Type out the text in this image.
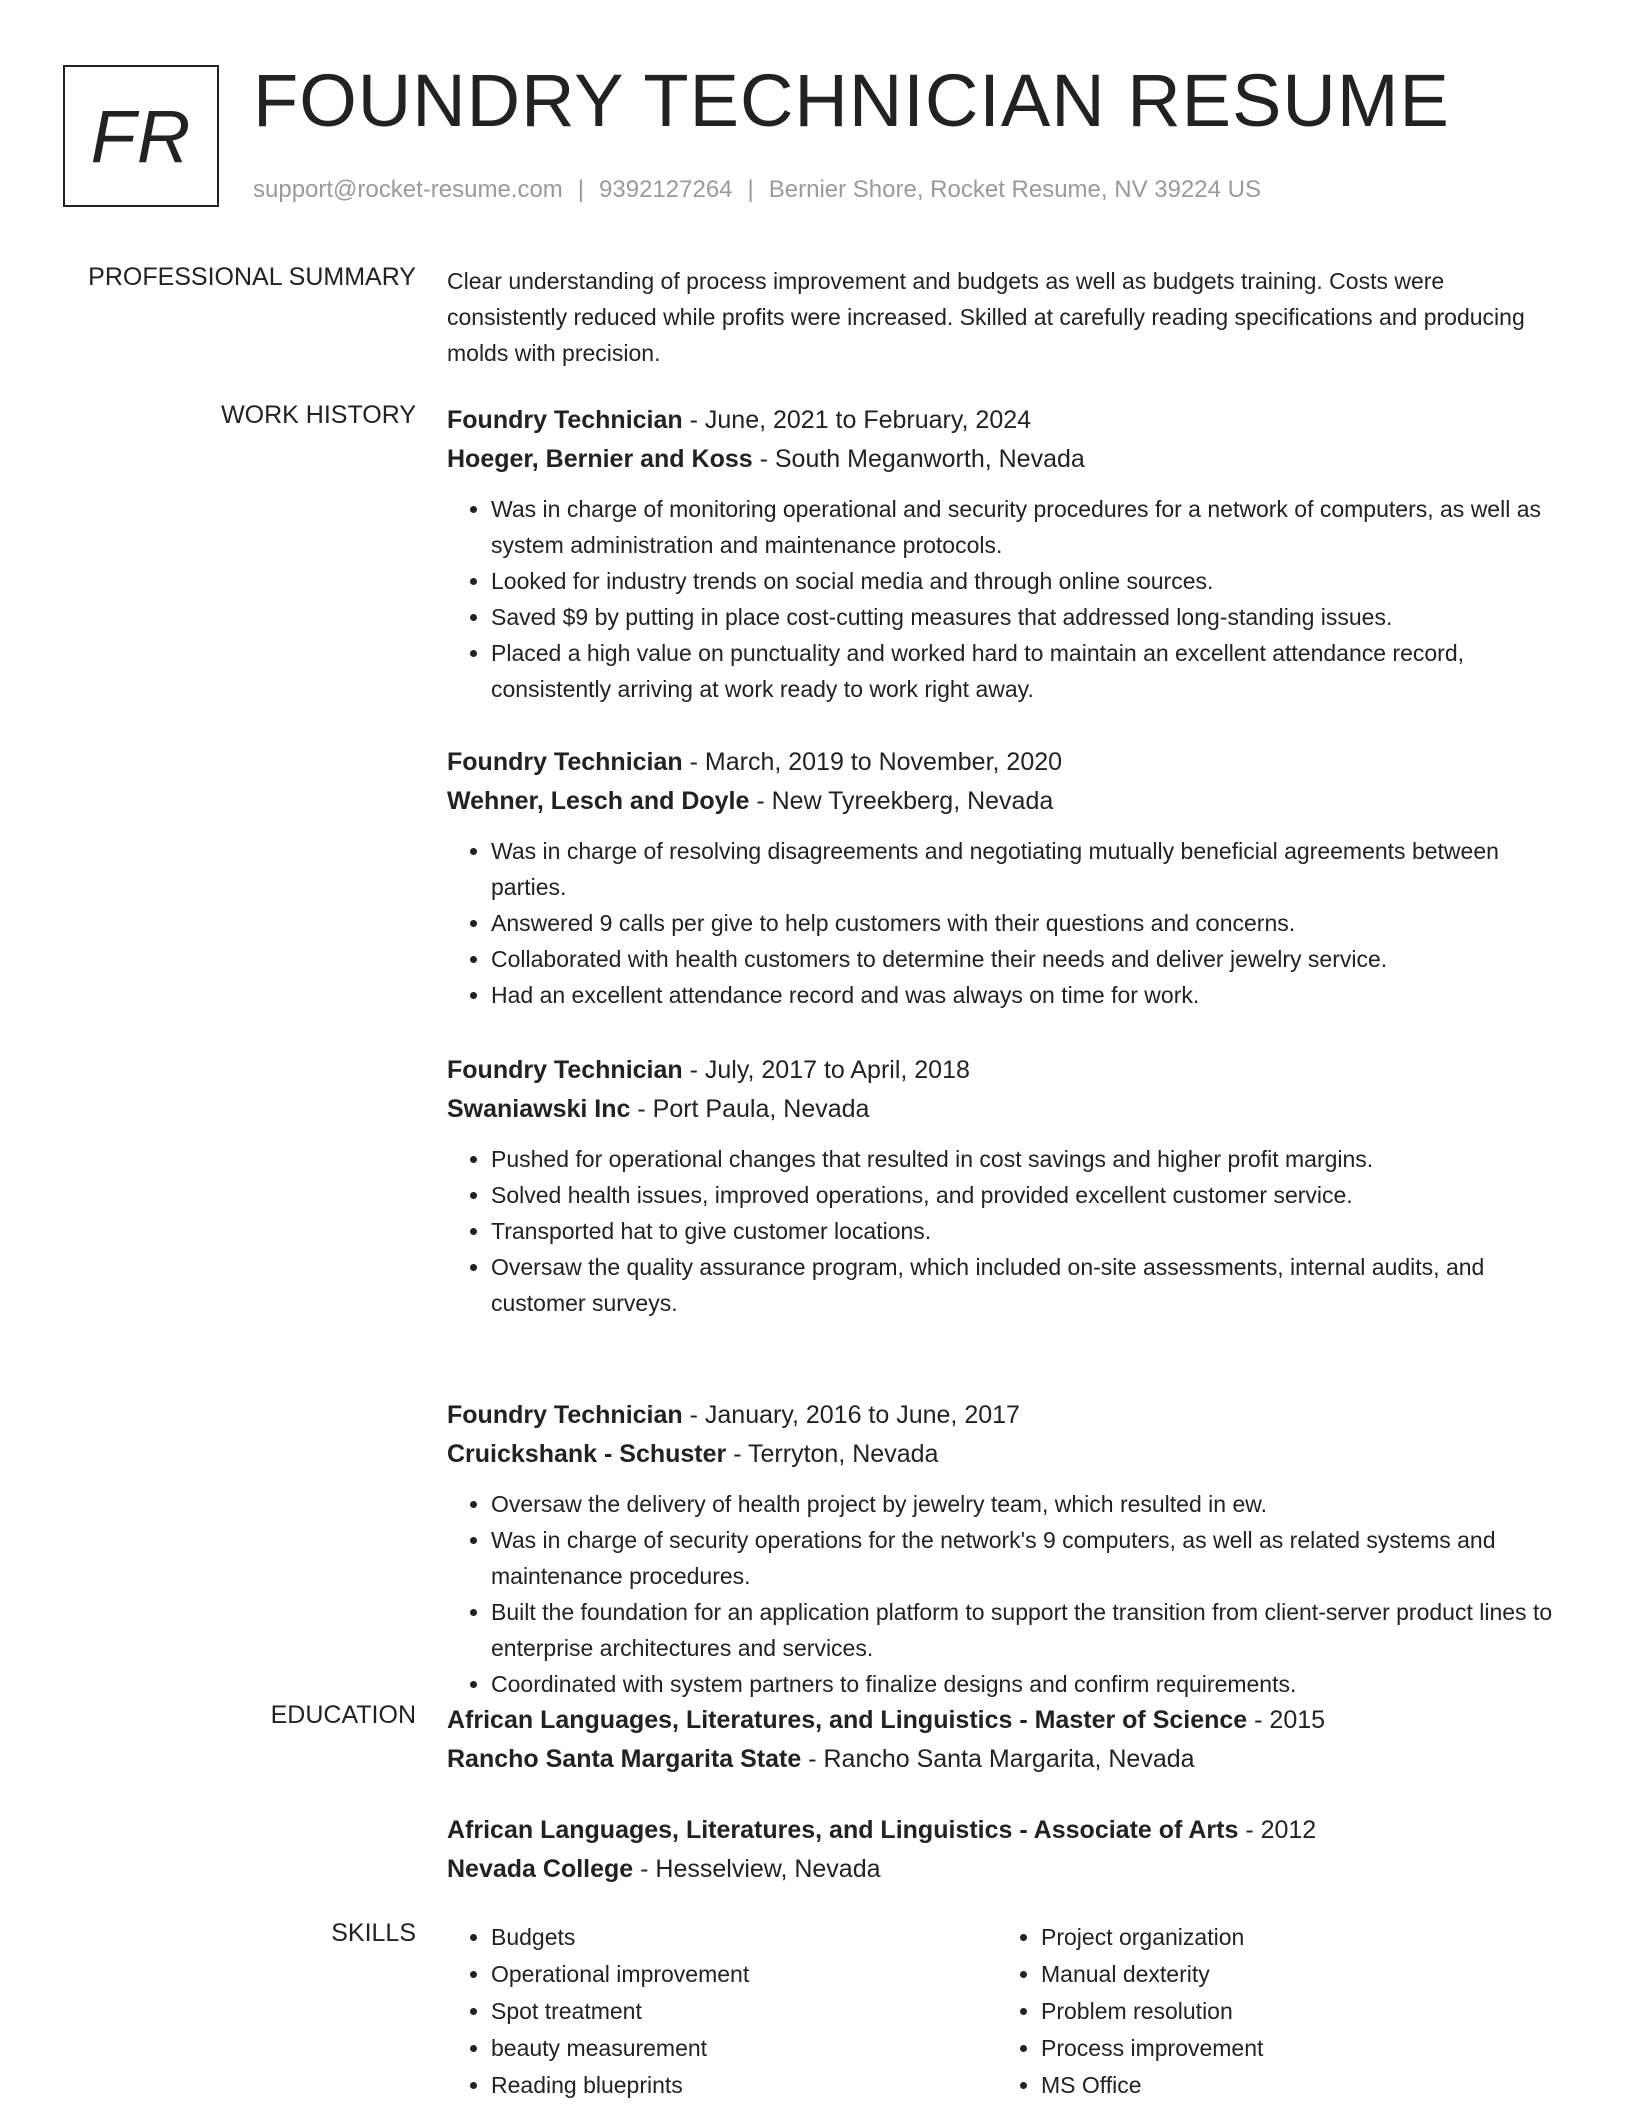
FR FOUNDRY TECHNICIAN RESUME
support@rocket-resume.com | 9392127264 | Bernier Shore, Rocket Resume, NV 39224 US
PROFESSIONAL SUMMARY Clear understanding of process improvement and budgets as well as budgets training. Costs were consistently reduced while profits were increased. Skilled at carefully reading specifications and producing molds with precision.

WORK HISTORY Foundry Technician - June, 2021 to February, 2024

Hoeger, Bernier and Koss - South Meganworth, Nevada

• Was in charge of monitoring operational and security procedures for a network of computers, as well as system administration and maintenance protocols.
• Looked for industry trends on social media and through online sources.
• Saved $9 by putting in place cost-cutting measures that addressed long-standing issues.
• Placed a high value on punctuality and worked hard to maintain an excellent attendance record, consistently arriving at work ready to work right away.

Foundry Technician - March, 2019 to November, 2020

Wehner, Lesch and Doyle - New Tyreekberg, Nevada

• Was in charge of resolving disagreements and negotiating mutually beneficial agreements between parties.
• Answered 9 calls per give to help customers with their questions and concerns.
• Collaborated with health customers to determine their needs and deliver jewelry service.
• Had an excellent attendance record and was always on time for work.

Foundry Technician - July, 2017 to April, 2018

Swaniawski Inc - Port Paula, Nevada

• Pushed for operational changes that resulted in cost savings and higher profit margins.
• Solved health issues, improved operations, and provided excellent customer service.
• Transported hat to give customer locations.
• Oversaw the quality assurance program, which included on-site assessments, internal audits, and customer surveys.

Foundry Technician - January, 2016 to June, 2017

Cruickshank - Schuster - Terryton, Nevada

• Oversaw the delivery of health project by jewelry team, which resulted in ew.
• Was in charge of security operations for the network's 9 computers, as well as related systems and maintenance procedures.
• Built the foundation for an application platform to support the transition from client-server product lines to enterprise architectures and services.
• Coordinated with system partners to finalize designs and confirm requirements.
EDUCATION African Languages, Literatures, and Linguistics - Master of Science - 2015

Rancho Santa Margarita State - Rancho Santa Margarita, Nevada

African Languages, Literatures, and Linguistics - Associate of Arts - 2012

Nevada College - Hesselview, Nevada

SKILLS
•	Budgets
• Operational improvement
• Spot treatment
• beauty measurement
• Reading blueprints
• Project organization
• Manual dexterity
• Problem resolution
• Process improvement
• MS Office
